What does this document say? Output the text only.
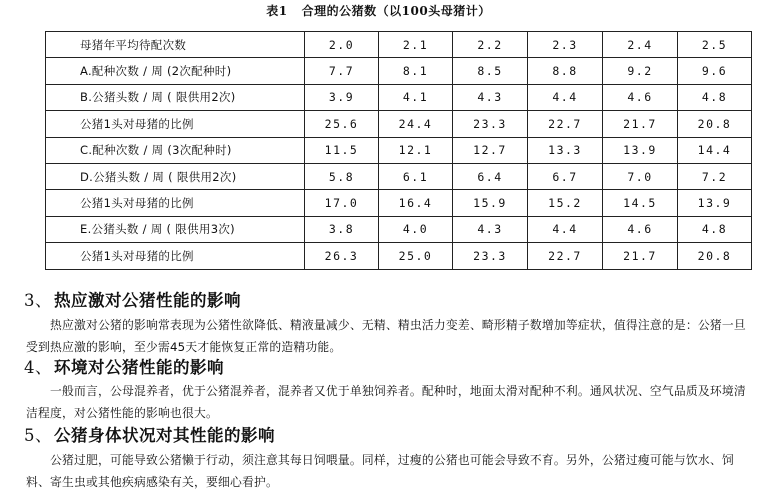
表1 合理的公猪数（以100头母猪计）
母猪年平均待配次数	2.0	2.1	2.2	2.3	2.4	2.5
A.配种次数 / 周 (2次配种时)	7.7	8.1	8.5	8.8	9.2	9.6
B.公猪头数 / 周 ( 限供用2次)	3.9	4.1	4.3	4.4	4.6	4.8
公猪1头对母猪的比例	25.6	24.4	23.3	22.7	21.7	20.8
C.配种次数 / 周 (3次配种时)	11.5	12.1	12.7	13.3	13.9	14.4
D.公猪头数 / 周 ( 限供用2次)	5.8	6.1	6.4	6.7	7.0	7.2
公猪1头对母猪的比例	17.0	16.4	15.9	15.2	14.5	13.9
E.公猪头数 / 周 ( 限供用3次)	3.8	4.0	4.3	4.4	4.6	4.8
公猪1头对母猪的比例	26.3	25.0	23.3	22.7	21.7	20.8
3、 热应激对公猪性能的影响
热应激对公猪的影响常表现为公猪性欲降低、精液量减少、无精、精虫活力变差、畸形精子数增加等症状，值得注意的是：公猪一旦受到热应激的影响，至少需45天才能恢复正常的造精功能。
4、 环境对公猪性能的影响
一般而言，公母混养者，优于公猪混养者，混养者又优于单独饲养者。配种时，地面太滑对配种不利。通风状况、空气品质及环境清洁程度，对公猪性能的影响也很大。
5、 公猪身体状况对其性能的影响
公猪过肥，可能导致公猪懒于行动，须注意其每日饲喂量。同样，过瘦的公猪也可能会导致不育。另外，公猪过瘦可能与饮水、饲料、寄生虫或其他疾病感染有关，要细心看护。
